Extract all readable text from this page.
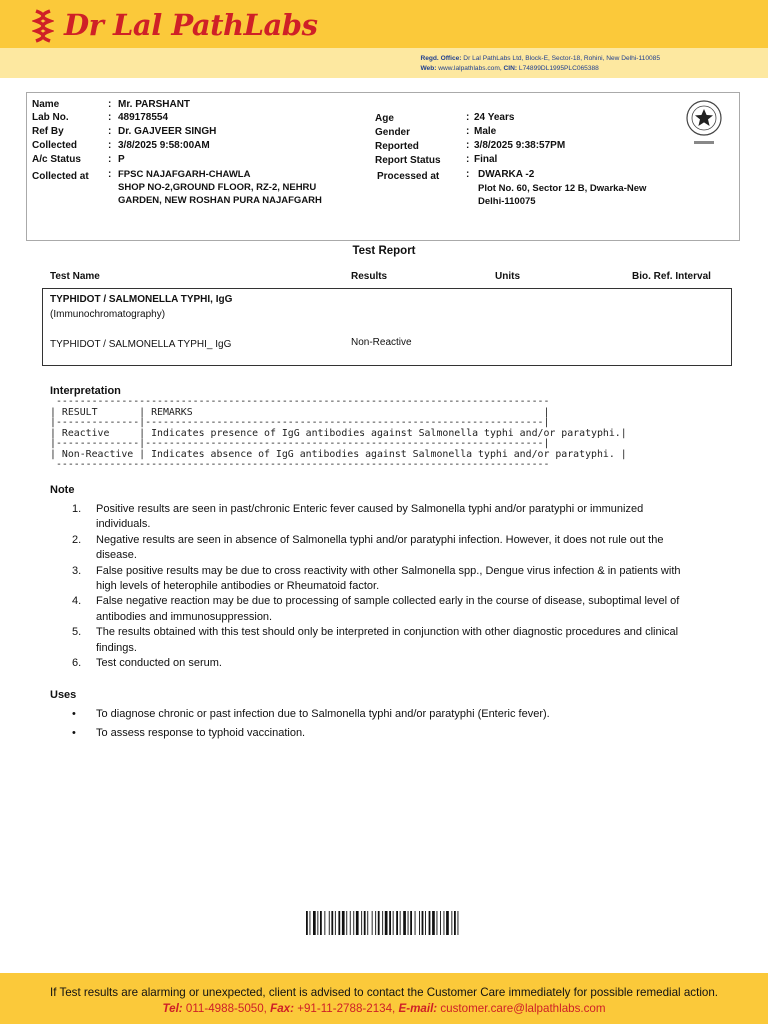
Dr Lal PathLabs
Regd. Office: Dr Lal PathLabs Ltd, Block-E, Sector-18, Rohini, New Delhi-110085
Web: www.lalpathlabs.com, CIN: L74899DL1995PLC065388
Name	: Mr. PARSHANT
Lab No.	: 489178554
Ref By	: Dr. GAJVEER SINGH
Collected	: 3/8/2025 9:58:00AM
A/c Status	: P
Collected at : FPSC NAJAFGARH-CHAWLA
SHOP NO-2,GROUND FLOOR, RZ-2, NEHRU
GARDEN, NEW ROSHAN PURA NAJAFGARH
Age	: 24 Years
Gender	: Male
Reported	: 3/8/2025 9:38:57PM
Report Status	: Final
Processed at	: DWARKA -2
Plot No. 60, Sector 12 B, Dwarka-New
Delhi-110075
Test Report
Test Name	Results	Units	Bio. Ref. Interval
TYPHIDOT / SALMONELLA TYPHI, IgG
(Immunochromatography)
TYPHIDOT / SALMONELLA TYPHI_ IgG	Non-Reactive
Interpretation
-----------------------------------------------------------------------------------
| RESULT       | REMARKS                                                           |
|--------------|-------------------------------------------------------------------|
| Reactive     | Indicates presence of IgG antibodies against Salmonella typhi and/or paratyphi.|
|--------------|-------------------------------------------------------------------|
| Non-Reactive | Indicates absence of IgG antibodies against Salmonella typhi and/or paratyphi. |
-----------------------------------------------------------------------------------
Note
1. Positive results are seen in past/chronic Enteric fever caused by Salmonella typhi and/or paratyphi or immunized individuals.
2. Negative results are seen in absence of Salmonella typhi and/or paratyphi infection. However, it does not rule out the disease.
3. False positive results may be due to cross reactivity with other Salmonella spp., Dengue virus infection & in patients with high levels of heterophile antibodies or Rheumatoid factor.
4. False negative reaction may be due to processing of sample collected early in the course of disease, suboptimal level of antibodies and immunosuppression.
5. The results obtained with this test should only be interpreted in conjunction with other diagnostic procedures and clinical findings.
6. Test conducted on serum.
Uses
• To diagnose chronic or past infection due to Salmonella typhi and/or paratyphi (Enteric fever).
• To assess response to typhoid vaccination.
If Test results are alarming or unexpected, client is advised to contact the Customer Care immediately for possible remedial action.
Tel: 011-4988-5050, Fax: +91-11-2788-2134, E-mail: customer.care@lalpathlabs.com
